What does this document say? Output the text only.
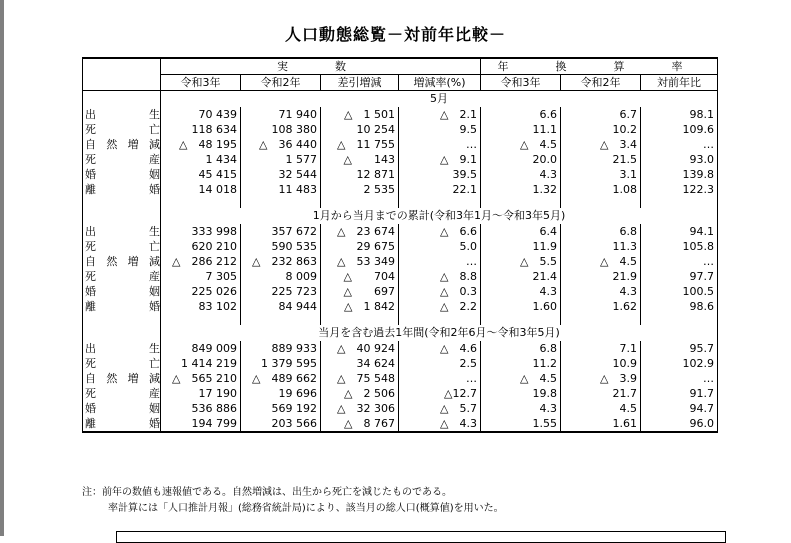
人口動態総覧－対前年比較－
	実　数				年　換　算　率		
	令和3年	令和2年	差引増減	増減率(%)	令和3年	令和2年	対前年比
	5月						
出生	70 439	71 940	△　1 501	△　2.1	6.6	6.7	98.1
死亡	118 634	108 380	10 254	9.5	11.1	10.2	109.6
自然増減	△　48 195	△　36 440	△　11 755	…	△　4.5	△　3.4	…
死産	1 434	1 577	△　　143	△　9.1	20.0	21.5	93.0
婚姻	45 415	32 544	12 871	39.5	4.3	3.1	139.8
離婚	14 018	11 483	2 535	22.1	1.32	1.08	122.3

	1月から当月までの累計(令和3年1月～令和3年5月)						
出生	333 998	357 672	△　23 674	△　6.6	6.4	6.8	94.1
死亡	620 210	590 535	29 675	5.0	11.9	11.3	105.8
自然増減	△　286 212	△　232 863	△　53 349	…	△　5.5	△　4.5	…
死産	7 305	8 009	△　　704	△　8.8	21.4	21.9	97.7
婚姻	225 026	225 723	△　　697	△　0.3	4.3	4.3	100.5
離婚	83 102	84 944	△　1 842	△　2.2	1.60	1.62	98.6

	当月を含む過去1年間(令和2年6月～令和3年5月)						
出生	849 009	889 933	△　40 924	△　4.6	6.8	7.1	95.7
死亡	1 414 219	1 379 595	34 624	2.5	11.2	10.9	102.9
自然増減	△　565 210	△　489 662	△　75 548	…	△　4.5	△　3.9	…
死産	17 190	19 696	△　2 506	△12.7	19.8	21.7	91.7
婚姻	536 886	569 192	△　32 306	△　5.7	4.3	4.5	94.7
離婚	194 799	203 566	△　8 767	△　4.3	1.55	1.61	96.0
注：前年の数値も速報値である。自然増減は、出生から死亡を減じたものである。
率計算には「人口推計月報」(総務省統計局)により、該当月の総人口(概算値)を用いた。
